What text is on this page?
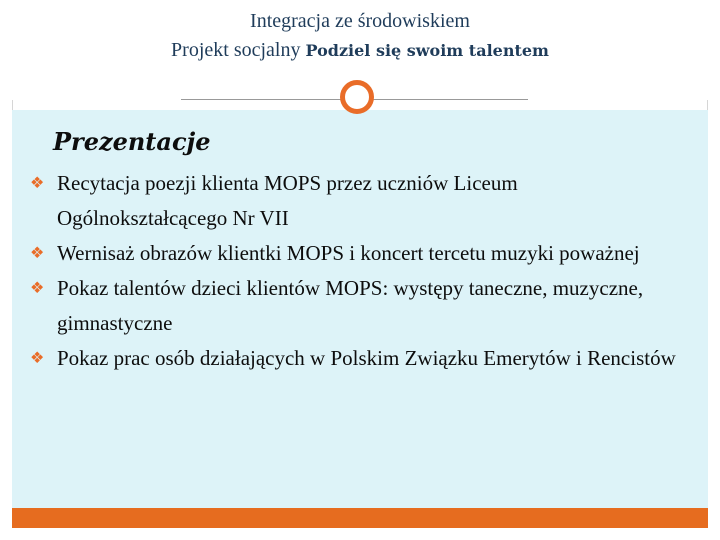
Integracja ze środowiskiem
Projekt socjalny Podziel się swoim talentem
Prezentacje
❖ Recytacja poezji klienta MOPS przez uczniów Liceum Ogólnokształcącego Nr VII
❖ Wernisaż obrazów klientki MOPS i koncert tercetu muzyki poważnej
❖ Pokaz talentów dzieci klientów MOPS: występy taneczne, muzyczne, gimnastyczne
❖ Pokaz prac osób działających w Polskim Związku Emerytów i Rencistów
